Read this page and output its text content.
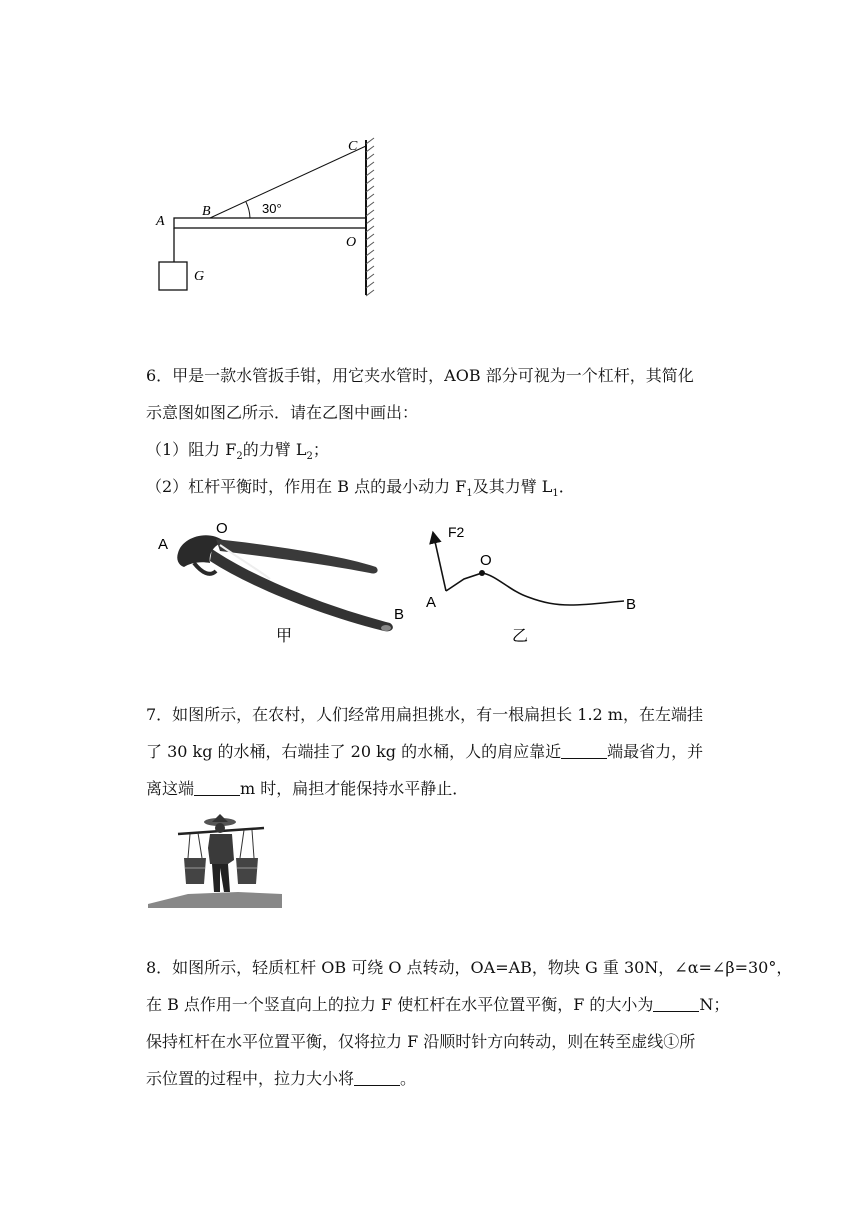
C
A
B
O
G
30°
6．甲是一款水管扳手钳，用它夹水管时，AOB 部分可视为一个杠杆，其简化
示意图如图乙所示．请在乙图中画出：
（1）阻力 $F_2$的力臂 $L_2$；
（2）杠杆平衡时，作用在 B 点的最小动力 $F_1$及其力臂 $L_1$．
O
A
B
甲
F2
O
A	B
乙
7．如图所示，在农村，人们经常用扁担挑水，有一根扁担长 1.2 m，在左端挂
了 30 kg 的水桶，右端挂了 20 kg 的水桶，人的肩应靠近	端最省力，并
离这端	m 时，扁担才能保持水平静止．
8．如图所示，轻质杠杆 OB 可绕 O 点转动，OA=AB，物块 G 重 30N，∠α=∠β=30°，
在 B 点作用一个竖直向上的拉力 F 使杠杆在水平位置平衡，F 的大小为	N；
保持杠杆在水平位置平衡，仅将拉力 F 沿顺时针方向转动，则在转至虚线①所
示位置的过程中，拉力大小将	。
